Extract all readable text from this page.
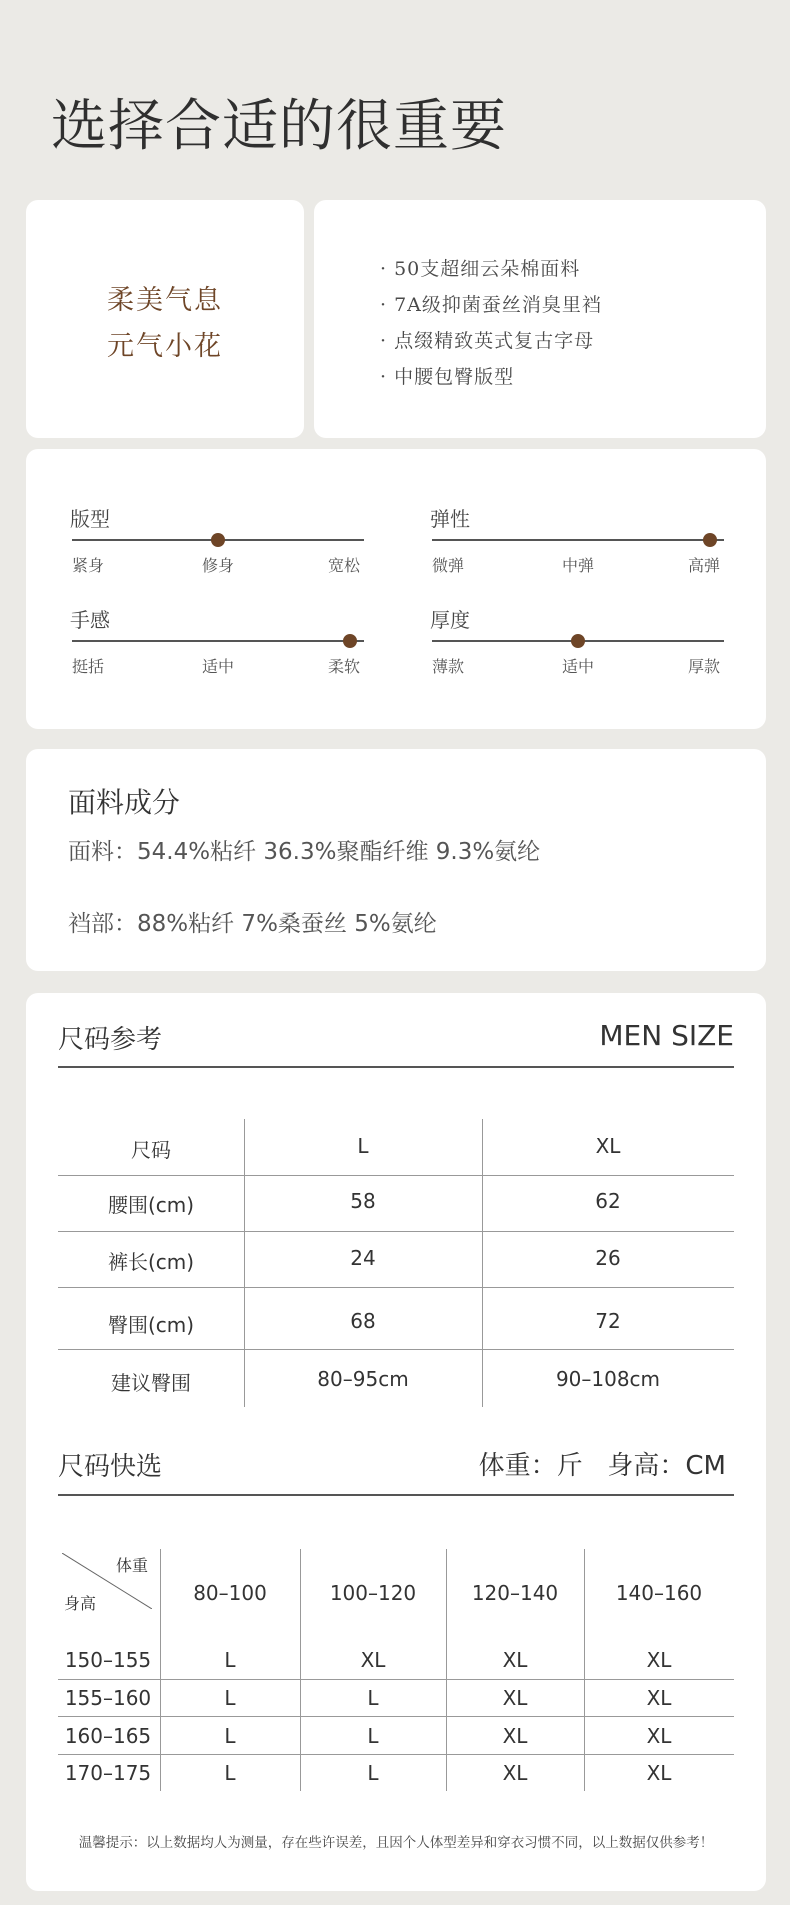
选择合适的很重要
柔美气息
元气小花
· 50支超细云朵棉面料
· 7A级抑菌蚕丝消臭里裆
· 点缀精致英式复古字母
· 中腰包臀版型
版型
紧身	修身	宽松
弹性
微弹	中弹	高弹
手感
挺括	适中	柔软
厚度
薄款	适中	厚款
面料成分
面料：54.4%粘纤 36.3%聚酯纤维 9.3%氨纶
裆部：88%粘纤 7%桑蚕丝 5%氨纶
尺码参考	MEN SIZE
尺码	L	XL
腰围(cm)	58	62
裤长(cm)	24	26
臀围(cm)	68	72
建议臀围	80–95cm	90–108cm
尺码快选	体重：斤   身高：CM
体重
身高	80–100	100–120	120–140	140–160
150–155	L	XL	XL	XL
155–160	L	L	XL	XL
160–165	L	L	XL	XL
170–175	L	L	XL	XL
温馨提示：以上数据均人为测量，存在些许误差，且因个人体型差异和穿衣习惯不同，以上数据仅供参考！
